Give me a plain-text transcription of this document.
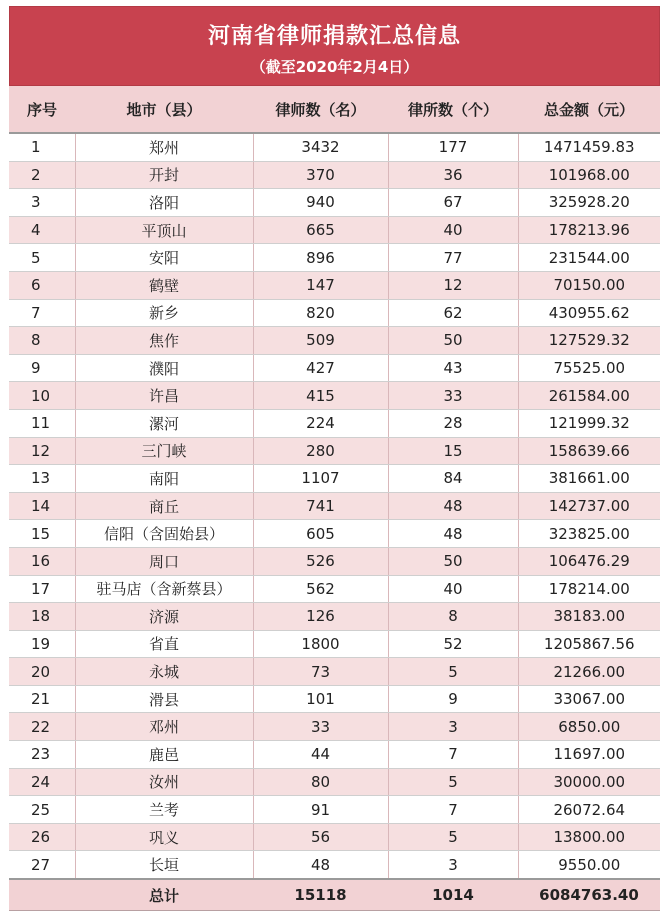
河南省律师捐款汇总信息
（截至2020年2月4日）
序号	地市（县）	律师数（名）	律所数（个）	总金额（元）
1	郑州	3432	177	1471459.83
2	开封	370	36	101968.00
3	洛阳	940	67	325928.20
4	平顶山	665	40	178213.96
5	安阳	896	77	231544.00
6	鹤壁	147	12	70150.00
7	新乡	820	62	430955.62
8	焦作	509	50	127529.32
9	濮阳	427	43	75525.00
10	许昌	415	33	261584.00
11	漯河	224	28	121999.32
12	三门峡	280	15	158639.66
13	南阳	1107	84	381661.00
14	商丘	741	48	142737.00
15	信阳（含固始县）	605	48	323825.00
16	周口	526	50	106476.29
17	驻马店（含新蔡县）	562	40	178214.00
18	济源	126	8	38183.00
19	省直	1800	52	1205867.56
20	永城	73	5	21266.00
21	滑县	101	9	33067.00
22	邓州	33	3	6850.00
23	鹿邑	44	7	11697.00
24	汝州	80	5	30000.00
25	兰考	91	7	26072.64
26	巩义	56	5	13800.00
27	长垣	48	3	9550.00
	总计	15118	1014	6084763.40
